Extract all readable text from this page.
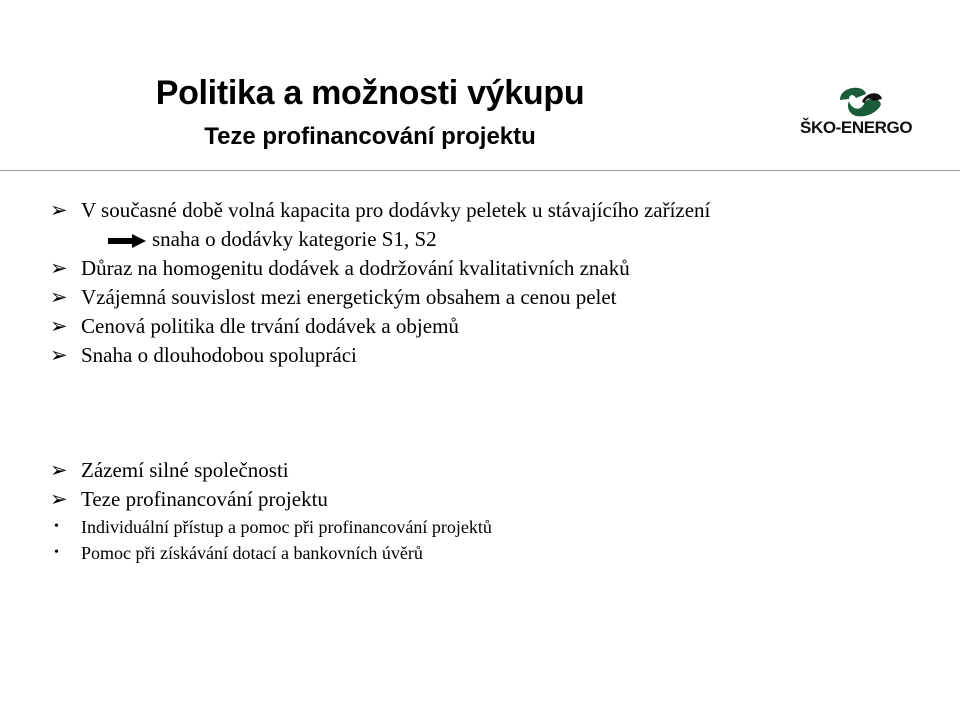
Politika a možnosti výkupu
Teze profinancování projektu	ŠKO-ENERGO
➢ V současné době volná kapacita pro dodávky peletek u stávajícího zařízení
snaha o dodávky kategorie S1, S2
➢ Důraz na homogenitu dodávek a dodržování kvalitativních znaků
➢ Vzájemná souvislost mezi energetickým obsahem a cenou pelet
➢ Cenová politika dle trvání dodávek a objemů
➢ Snaha o dlouhodobou spolupráci
➢ Zázemí silné společnosti
➢ Teze profinancování projektu
•	Individuální přístup a pomoc při profinancování projektů
•	Pomoc při získávání dotací a bankovních úvěrů
